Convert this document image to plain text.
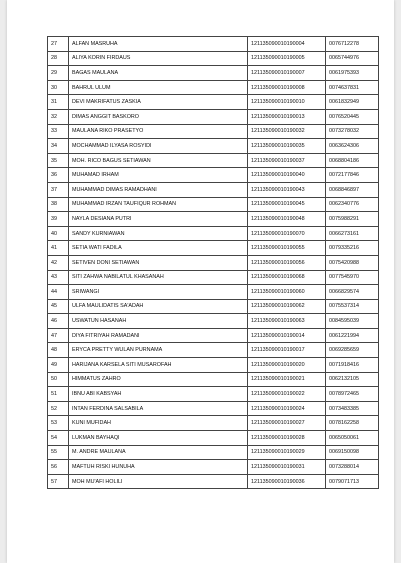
27	ALFAN MASRUHA	121135090010190004	0076712278
28	ALIYA KORIN FIRDAUS	121135090010190005	0065744976
29	BAGAS MAULANA	121135090010190007	0061975393
30	BAHRUL ULUM	121135090010190008	0074637831
31	DEVI MAKRIFATUS ZASKIA	121135090010190010	0061832949
32	DIMAS ANGGIT BASKORO	121135090010190013	0076520445
33	MAULANA RIKO PRASETYO	121135090010190032	0073278032
34	MOCHAMMAD ILYASA ROSYIDI	121135090010190035	0063624306
35	MOH. RICO BAGUS SETIAWAN	121135090010190037	0068804186
36	MUHAMAD IRHAM	121135090010190040	0072177846
37	MUHAMMAD DIMAS RAMADHANI	121135090010190043	0068846897
38	MUHAMMAD IRZAN TAUFIQUR ROHMAN	121135090010190045	0062340776
39	NAYLA DESIANA PUTRI	121135090010190048	0075988291
40	SANDY KURNIAWAN	121135090010190070	0066273161
41	SETIA WATI FADILA	121135090010190055	0079335216
42	SETIVEN DONI SETIAWAN	121135090010190056	0075420988
43	SITI ZAHWA NABILATUL KHASANAH	121135090010190068	0077545970
44	SRIWANGI	121135090010190060	0066829574
45	ULFA MAULIDATIS SA'ADAH	121135090010190062	0075537314
46	USWATUN HASANAH	121135090010190063	0084595039
47	DIYA FITRIYAH RAMADANI	121135090010190014	0061221994
48	ERYCA PRETTY WULAN PURNAMA	121135090010190017	0069285659
49	HARIJANA KARSELA SITI MUSAROFAH	121135090010190020	0071918416
50	HIMMATUS ZAHRO	121135090010190021	0062132105
51	IBNU ABI KABSYAH	121135090010190022	0078972465
52	INTAN FERDINA SALSABILA	121135090010190024	0073483385
53	KUNI MUFIDAH	121135090010190027	0078162258
54	LUKMAN BAYHAQI	121135090010190028	0065050061
55	M. ANDRE MAULANA	121135090010190029	0069150098
56	MAFTUH RISKI HUNUHA	121135090010190031	0073288014
57	MOH MU'AFI HOLILI	121135090010190036	0079071713
